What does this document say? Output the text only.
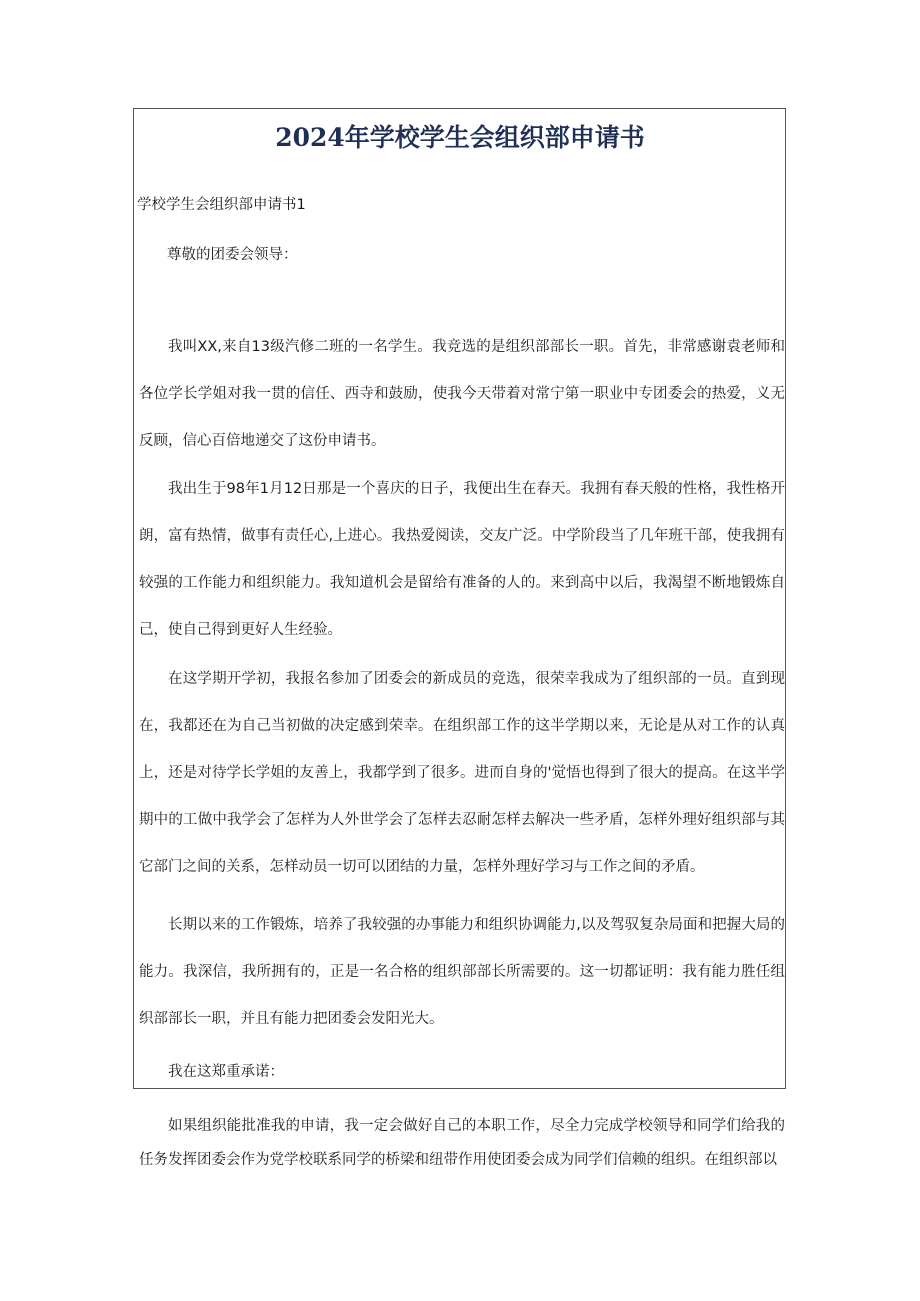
2024年学校学生会组织部申请书

学校学生会组织部申请书1

尊敬的团委会领导：

我叫XX,来自13级汽修二班的一名学生。我竞选的是组织部部长一职。首先，非常感谢袁老师和各位学长学姐对我一贯的信任、西寺和鼓励，使我今天带着对常宁第一职业中专团委会的热爱，义无反顾，信心百倍地递交了这份申请书。

我出生于98年1月12日那是一个喜庆的日子，我便出生在春天。我拥有春天般的性格，我性格开朗，富有热情，做事有责任心,上进心。我热爱阅读，交友广泛。中学阶段当了几年班干部，使我拥有较强的工作能力和组织能力。我知道机会是留给有准备的人的。来到高中以后，我渴望不断地锻炼自己，使自己得到更好人生经验。

在这学期开学初，我报名参加了团委会的新成员的竞选，很荣幸我成为了组织部的一员。直到现在，我都还在为自己当初做的决定感到荣幸。在组织部工作的这半学期以来，无论是从对工作的认真上，还是对待学长学姐的友善上，我都学到了很多。进而自身的'觉悟也得到了很大的提高。在这半学期中的工做中我学会了怎样为人外世学会了怎样去忍耐怎样去解决一些矛盾，怎样外理好组织部与其它部门之间的关系，怎样动员一切可以团结的力量，怎样外理好学习与工作之间的矛盾。

长期以来的工作锻炼，培养了我较强的办事能力和组织协调能力,以及驾驭复杂局面和把握大局的能力。我深信，我所拥有的，正是一名合格的组织部部长所需要的。这一切都证明：我有能力胜任组织部部长一职，并且有能力把团委会发阳光大。

我在这郑重承诺：

如果组织能批准我的申请，我一定会做好自己的本职工作，尽全力完成学校领导和同学们给我的任务发挥团委会作为党学校联系同学的桥梁和纽带作用使团委会成为同学们信赖的组织。在组织部以
